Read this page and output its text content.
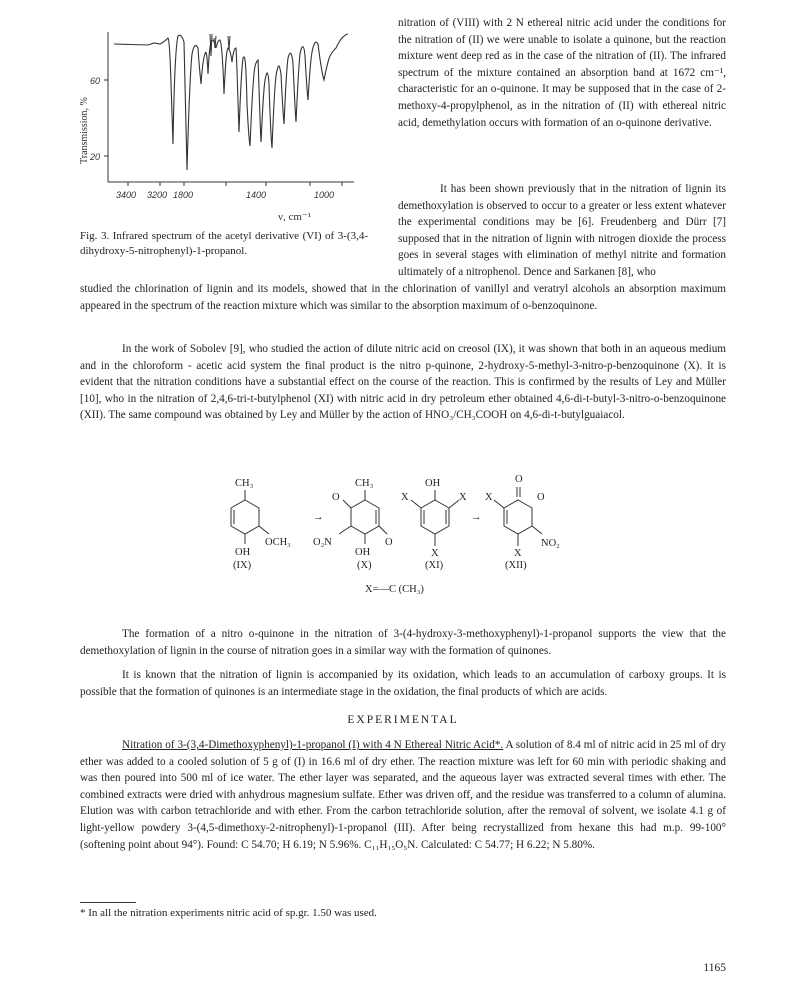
60
20
Transmission, %
3400 3200 1800	1400	1000
ν, cm⁻¹
Fig. 3. Infrared spectrum of the acetyl derivative (VI) of 3-(3,4-dihydroxy-5-nitrophenyl)-1-propanol.
nitration of (VIII) with 2 N ethereal nitric acid under the conditions for the nitration of (II) we were unable to isolate a quinone, but the reaction mixture went deep red as in the case of the nitration of (II). The infrared spectrum of the mixture contained an absorption band at 1672 cm⁻¹, characteristic for an o-quinone. It may be supposed that in the case of 2-methoxy-4-propylphenol, as in the nitration of (II) with ethereal nitric acid, demethylation occurs with formation of an o-quinone derivative.
It has been shown previously that in the nitration of lignin its demethoxylation is observed to occur to a greater or less extent whatever the experimental conditions may be [6]. Freudenberg and Dürr [7] supposed that in the nitration of lignin with nitrogen dioxide the process goes in several stages with elimination of methyl nitrite and formation ultimately of a nitrophenol. Dence and Sarkanen [8], who
studied the chlorination of lignin and its models, showed that in the chlorination of vanillyl and veratryl alcohols an absorption maximum appeared in the spectrum of the reaction mixture which was similar to the absorption maximum of o-benzoquinone.
In the work of Sobolev [9], who studied the action of dilute nitric acid on creosol (IX), it was shown that both in an aqueous medium and in the chloroform - acetic acid system the final product is the nitro p-quinone, 2-hydroxy-5-methyl-3-nitro-p-benzoquinone (X). It is evident that the nitration conditions have a substantial effect on the course of the reaction. This is confirmed by the results of Ley and Müller [10], who in the nitration of 2,4,6-tri-t-butylphenol (XI) with nitric acid in dry petroleum ether obtained 4,6-di-t-butyl-3-nitro-o-benzoquinone (XII). The same compound was obtained by Ley and Müller by the action of HNO₃/CH₃COOH on 4,6-di-t-butylguaiacol.
CH₃
OCH₃
OH
(IX)
→
CH₃
O
O
O₂N
OH
(X)
OH
X	X
X
(XI)
→
O
O
X
NO₂
X
(XII)
X=—C (CH₃)
The formation of a nitro o-quinone in the nitration of 3-(4-hydroxy-3-methoxyphenyl)-1-propanol supports the view that the demethoxylation of lignin in the course of nitration goes in a similar way with the formation of quinones.
It is known that the nitration of lignin is accompanied by its oxidation, which leads to an accumulation of carboxy groups. It is possible that the formation of quinones is an intermediate stage in the oxidation, the final products of which are acids.
EXPERIMENTAL
Nitration of 3-(3,4-Dimethoxyphenyl)-1-propanol (I) with 4 N Ethereal Nitric Acid*. A solution of 8.4 ml of nitric acid in 25 ml of dry ether was added to a cooled solution of 5 g of (I) in 16.6 ml of dry ether. The reaction mixture was left for 60 min with periodic shaking and was then poured into 500 ml of ice water. The ether layer was separated, and the aqueous layer was extracted several times with ether. The combined extracts were dried with anhydrous magnesium sulfate. Ether was driven off, and the residue was transferred to a column of alumina. Elution was with carbon tetrachloride and with ether. From the carbon tetrachloride solution, after the removal of solvent, we isolate 4.1 g of light-yellow powdery 3-(4,5-dimethoxy-2-nitrophenyl)-1-propanol (III). After being recrystallized from hexane this had m.p. 99-100° (softening point about 94°). Found: C 54.70; H 6.19; N 5.96%. C₁₁H₁₅O₅N. Calculated: C 54.77; H 6.22; N 5.80%.
* In all the nitration experiments nitric acid of sp.gr. 1.50 was used.
1165
